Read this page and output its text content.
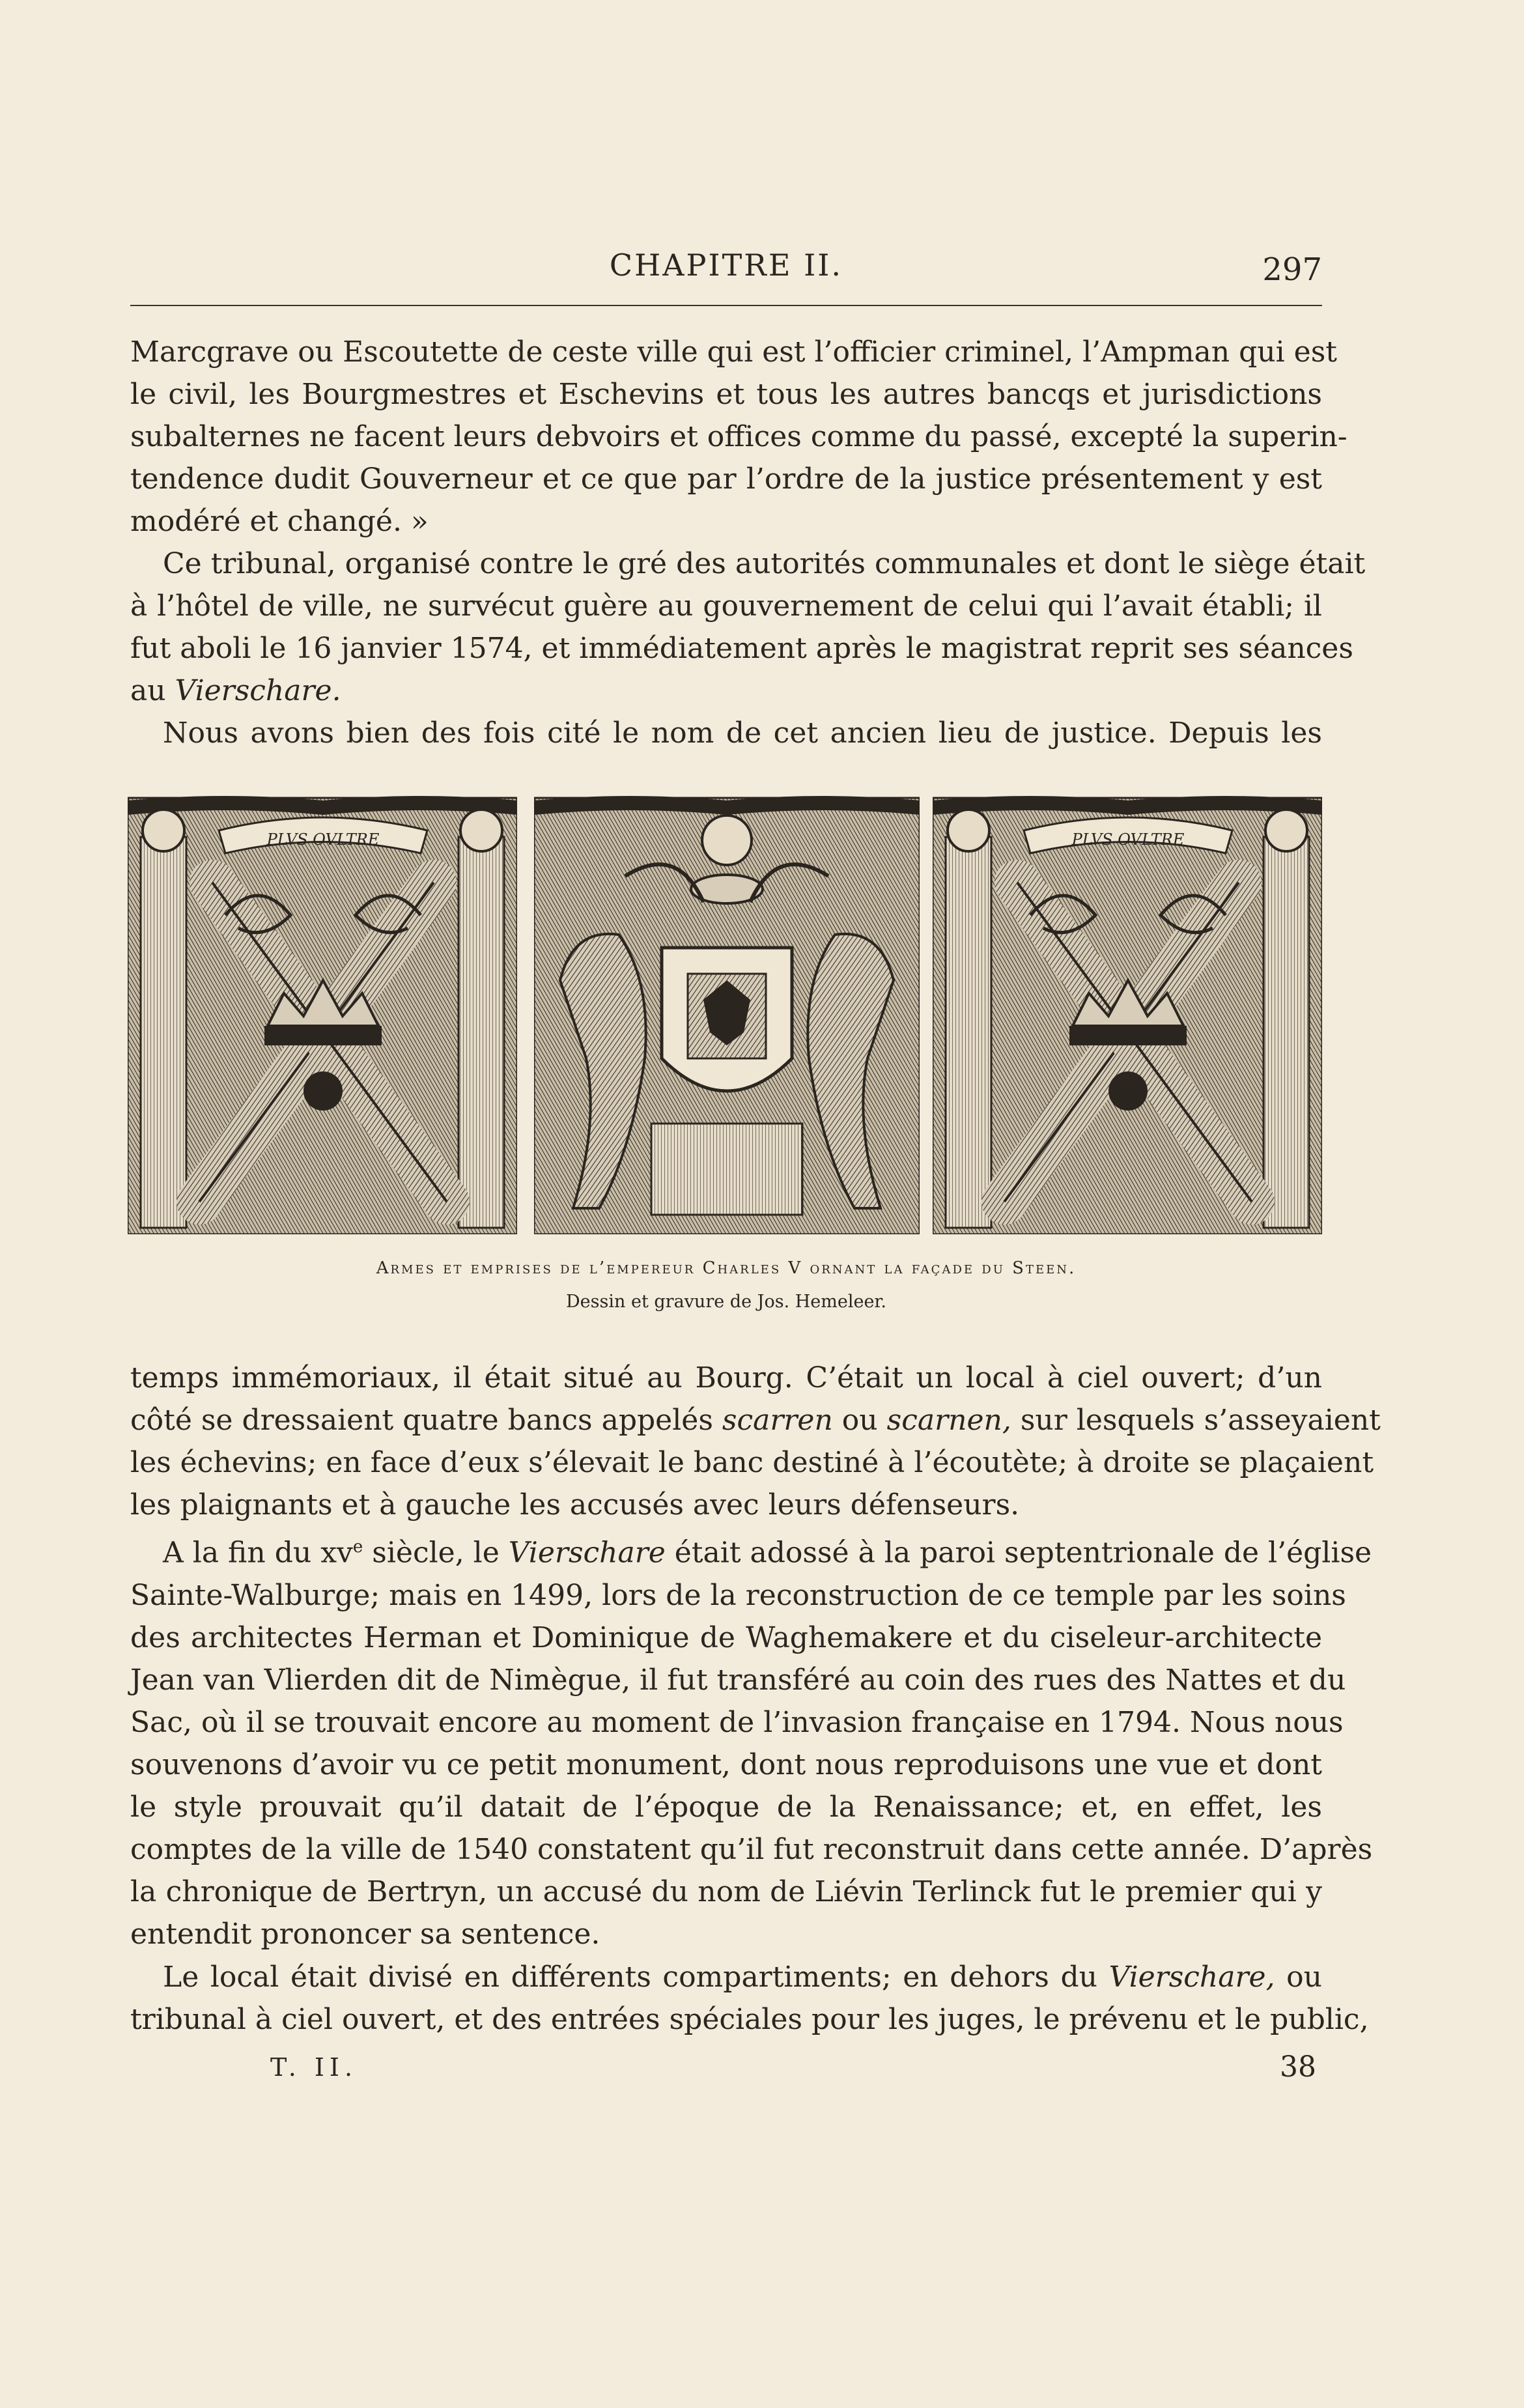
CHAPITRE II.	297
Marcgrave ou Escoutette de ceste ville qui est l’officier criminel, l’Ampman qui est
le civil, les Bourgmestres et Eschevins et tous les autres bancqs et jurisdictions
subalternes ne facent leurs debvoirs et offices comme du passé, excepté la superin-
tendence dudit Gouverneur et ce que par l’ordre de la justice présentement y est
modéré et changé. »
Ce tribunal, organisé contre le gré des autorités communales et dont le siège était
à l’hôtel de ville, ne survécut guère au gouvernement de celui qui l’avait établi; il
fut aboli le 16 janvier 1574, et immédiatement après le magistrat reprit ses séances
au Vierschare.
Nous avons bien des fois cité le nom de cet ancien lieu de justice. Depuis les
PLVS OVLTRE	PLVS OVLTRE
Armes et emprises de l’empereur Charles V ornant la façade du Steen.
Dessin et gravure de Jos. Hemeleer.
temps immémoriaux, il était situé au Bourg. C’était un local à ciel ouvert; d’un
côté se dressaient quatre bancs appelés scarren ou scarnen, sur lesquels s’asseyaient
les échevins; en face d’eux s’élevait le banc destiné à l’écoutète; à droite se plaçaient
les plaignants et à gauche les accusés avec leurs défenseurs.
A la fin du $xv^e$ siècle, le Vierschare était adossé à la paroi septentrionale de l’église
Sainte-Walburge; mais en 1499, lors de la reconstruction de ce temple par les soins
des architectes Herman et Dominique de Waghemakere et du ciseleur-architecte
Jean van Vlierden dit de Nimègue, il fut transféré au coin des rues des Nattes et du
Sac, où il se trouvait encore au moment de l’invasion française en 1794. Nous nous
souvenons d’avoir vu ce petit monument, dont nous reproduisons une vue et dont
le style prouvait qu’il datait de l’époque de la Renaissance; et, en effet, les
comptes de la ville de 1540 constatent qu’il fut reconstruit dans cette année. D’après
la chronique de Bertryn, un accusé du nom de Liévin Terlinck fut le premier qui y
entendit prononcer sa sentence.
Le local était divisé en différents compartiments; en dehors du Vierschare, ou
tribunal à ciel ouvert, et des entrées spéciales pour les juges, le prévenu et le public,
T. II.	38
